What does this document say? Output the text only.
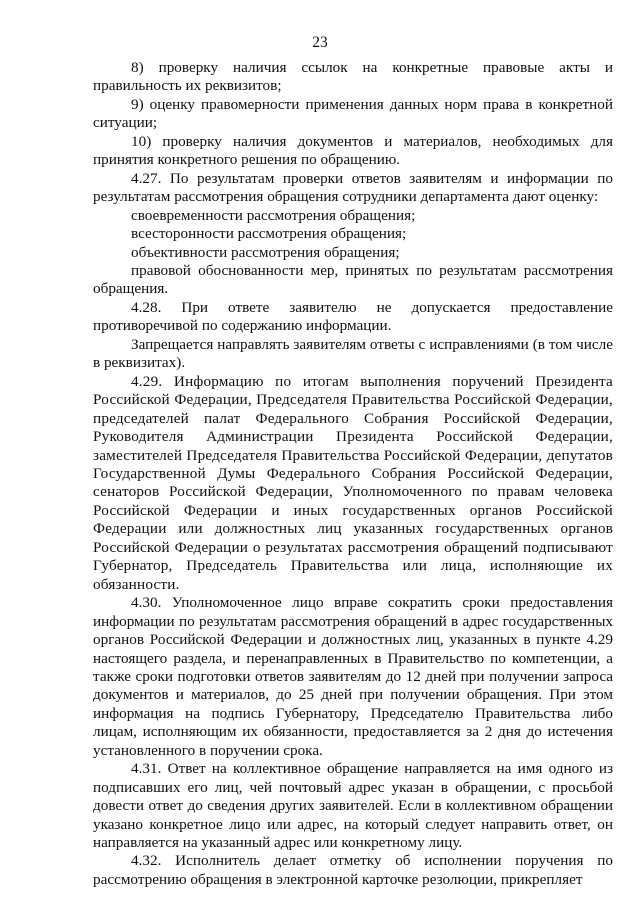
23

8) проверку наличия ссылок на конкретные правовые акты и правильность их реквизитов;

9) оценку правомерности применения данных норм права в конкретной ситуации;

10) проверку наличия документов и материалов, необходимых для принятия конкретного решения по обращению.

4.27. По результатам проверки ответов заявителям и информации по результатам рассмотрения обращения сотрудники департамента дают оценку:

своевременности рассмотрения обращения;

всесторонности рассмотрения обращения;

объективности рассмотрения обращения;

правовой обоснованности мер, принятых по результатам рассмотрения обращения.

4.28. При ответе заявителю не допускается предоставление противоречивой по содержанию информации.

Запрещается направлять заявителям ответы с исправлениями (в том числе в реквизитах).

4.29. Информацию по итогам выполнения поручений Президента Российской Федерации, Председателя Правительства Российской Федерации, председателей палат Федерального Собрания Российской Федерации, Руководителя Администрации Президента Российской Федерации, заместителей Председателя Правительства Российской Федерации, депутатов Государственной Думы Федерального Собрания Российской Федерации, сенаторов Российской Федерации, Уполномоченного по правам человека Российской Федерации и иных государственных органов Российской Федерации или должностных лиц указанных государственных органов Российской Федерации о результатах рассмотрения обращений подписывают Губернатор, Председатель Правительства или лица, исполняющие их обязанности.

4.30. Уполномоченное лицо вправе сократить сроки предоставления информации по результатам рассмотрения обращений в адрес государственных органов Российской Федерации и должностных лиц, указанных в пункте 4.29 настоящего раздела, и перенаправленных в Правительство по компетенции, а также сроки подготовки ответов заявителям до 12 дней при получении запроса документов и материалов, до 25 дней при получении обращения. При этом информация на подпись Губернатору, Председателю Правительства либо лицам, исполняющим их обязанности, предоставляется за 2 дня до истечения установленного в поручении срока.

4.31. Ответ на коллективное обращение направляется на имя одного из подписавших его лиц, чей почтовый адрес указан в обращении, с просьбой довести ответ до сведения других заявителей. Если в коллективном обращении указано конкретное лицо или адрес, на который следует направить ответ, он направляется на указанный адрес или конкретному лицу.

4.32. Исполнитель делает отметку об исполнении поручения по рассмотрению обращения в электронной карточке резолюции, прикрепляет
